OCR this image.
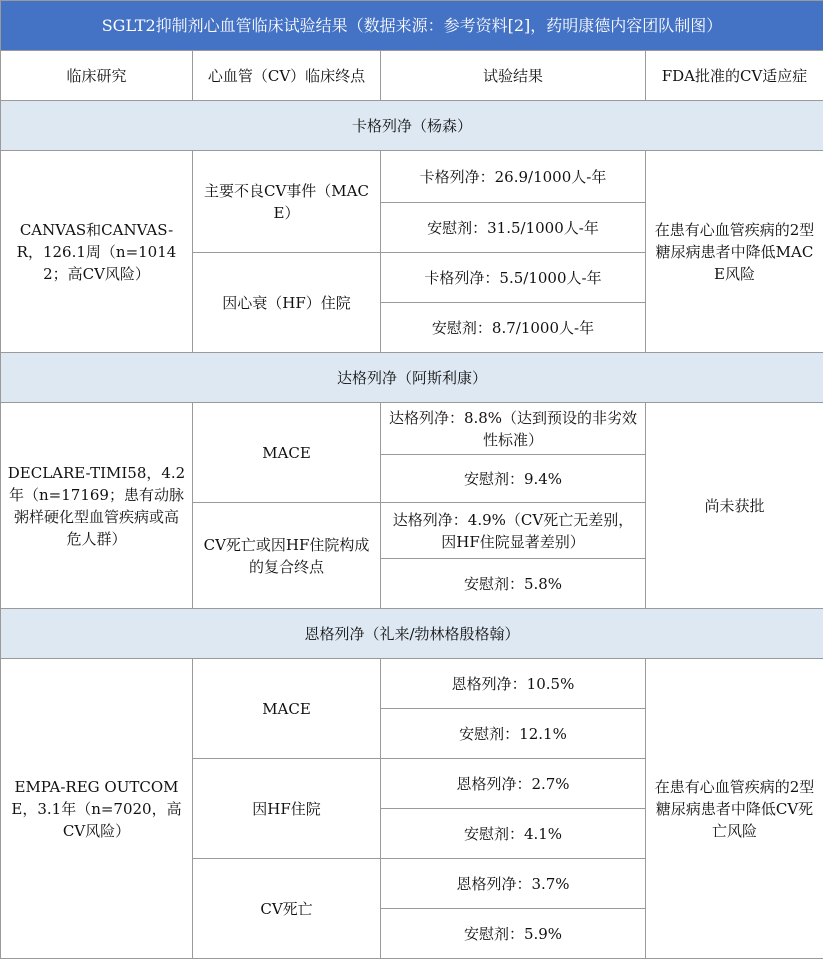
SGLT2抑制剂心血管临床试验结果（数据来源：参考资料[2]，药明康德内容团队制图）			
临床研究	心血管（CV）临床终点	试验结果	FDA批准的CV适应症
卡格列净（杨森）			
CANVAS和CANVAS-R，126.1周（n=10142；高CV风险）	主要不良CV事件（MACE）	卡格列净：26.9/1000人-年	在患有心血管疾病的2型糖尿病患者中降低MACE风险
		安慰剂：31.5/1000人-年	
	因心衰（HF）住院	卡格列净：5.5/1000人-年	
		安慰剂：8.7/1000人-年	
达格列净（阿斯利康）			
DECLARE-TIMI58，4.2年（n=17169；患有动脉粥样硬化型血管疾病或高危人群）	MACE	达格列净：8.8%（达到预设的非劣效性标准）	尚未获批
		安慰剂：9.4%	
	CV死亡或因HF住院构成的复合终点	达格列净：4.9%（CV死亡无差别，因HF住院显著差别）	
		安慰剂：5.8%	
恩格列净（礼来/勃林格殷格翰）			
EMPA-REG OUTCOME，3.1年（n=7020，高CV风险）	MACE	恩格列净：10.5%	在患有心血管疾病的2型糖尿病患者中降低CV死亡风险
		安慰剂：12.1%	
	因HF住院	恩格列净：2.7%	
		安慰剂：4.1%	
	CV死亡	恩格列净：3.7%	
		安慰剂：5.9%	
